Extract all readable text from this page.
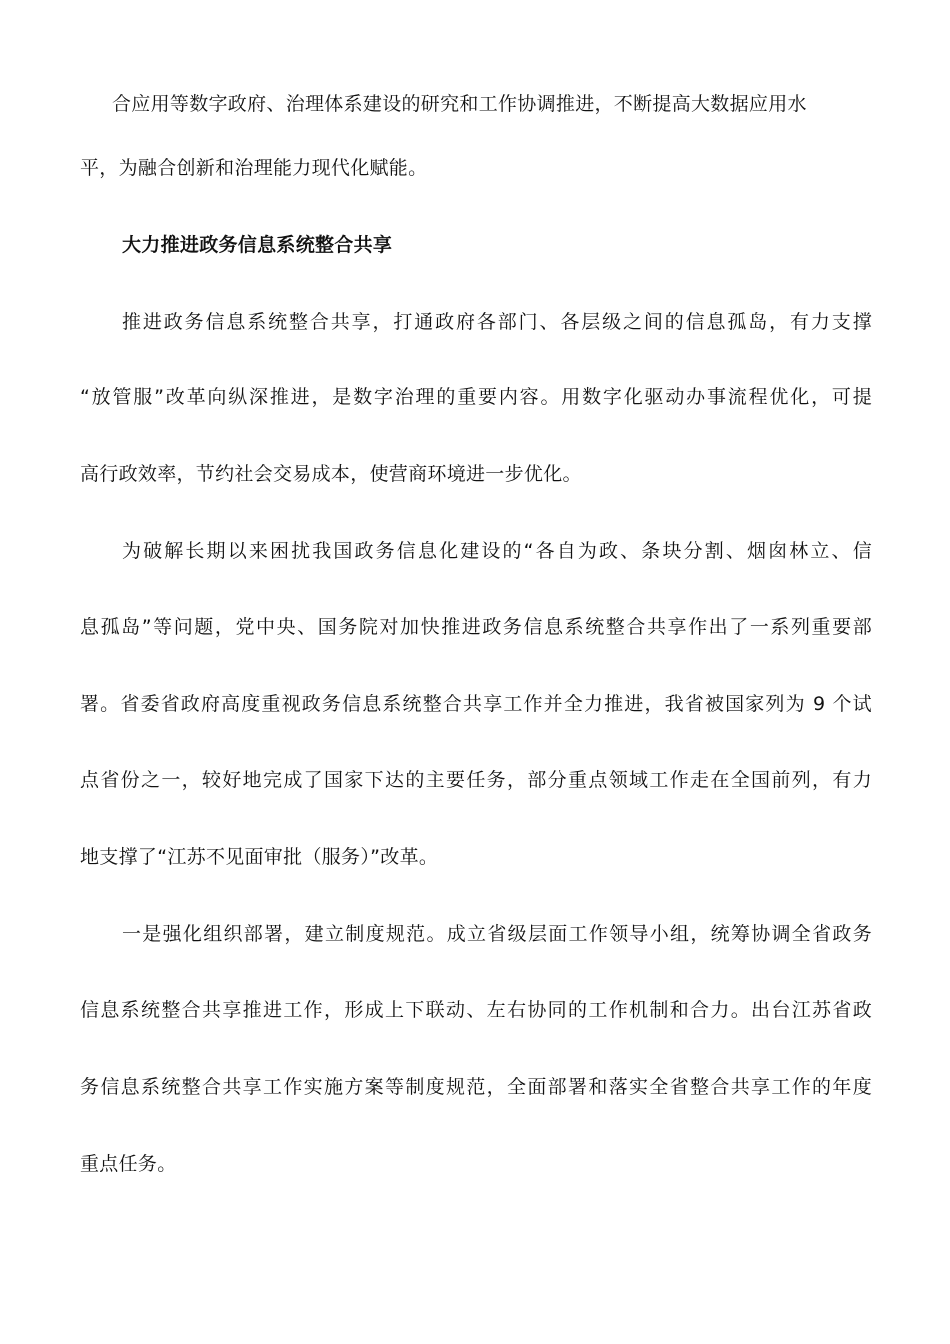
合应用等数字政府、治理体系建设的研究和工作协调推进，不断提高大数据应用水
平，为融合创新和治理能力现代化赋能。
大力推进政务信息系统整合共享
推进政务信息系统整合共享，打通政府各部门、各层级之间的信息孤岛，有力支撑
“放管服”改革向纵深推进，是数字治理的重要内容。用数字化驱动办事流程优化，可提
高行政效率，节约社会交易成本，使营商环境进一步优化。
为破解长期以来困扰我国政务信息化建设的“各自为政、条块分割、烟囱林立、信
息孤岛”等问题，党中央、国务院对加快推进政务信息系统整合共享作出了一系列重要部
署。省委省政府高度重视政务信息系统整合共享工作并全力推进，我省被国家列为 9 个试
点省份之一，较好地完成了国家下达的主要任务，部分重点领域工作走在全国前列，有力
地支撑了“江苏不见面审批（服务）”改革。
一是强化组织部署，建立制度规范。成立省级层面工作领导小组，统筹协调全省政务
信息系统整合共享推进工作，形成上下联动、左右协同的工作机制和合力。出台江苏省政
务信息系统整合共享工作实施方案等制度规范，全面部署和落实全省整合共享工作的年度
重点任务。
